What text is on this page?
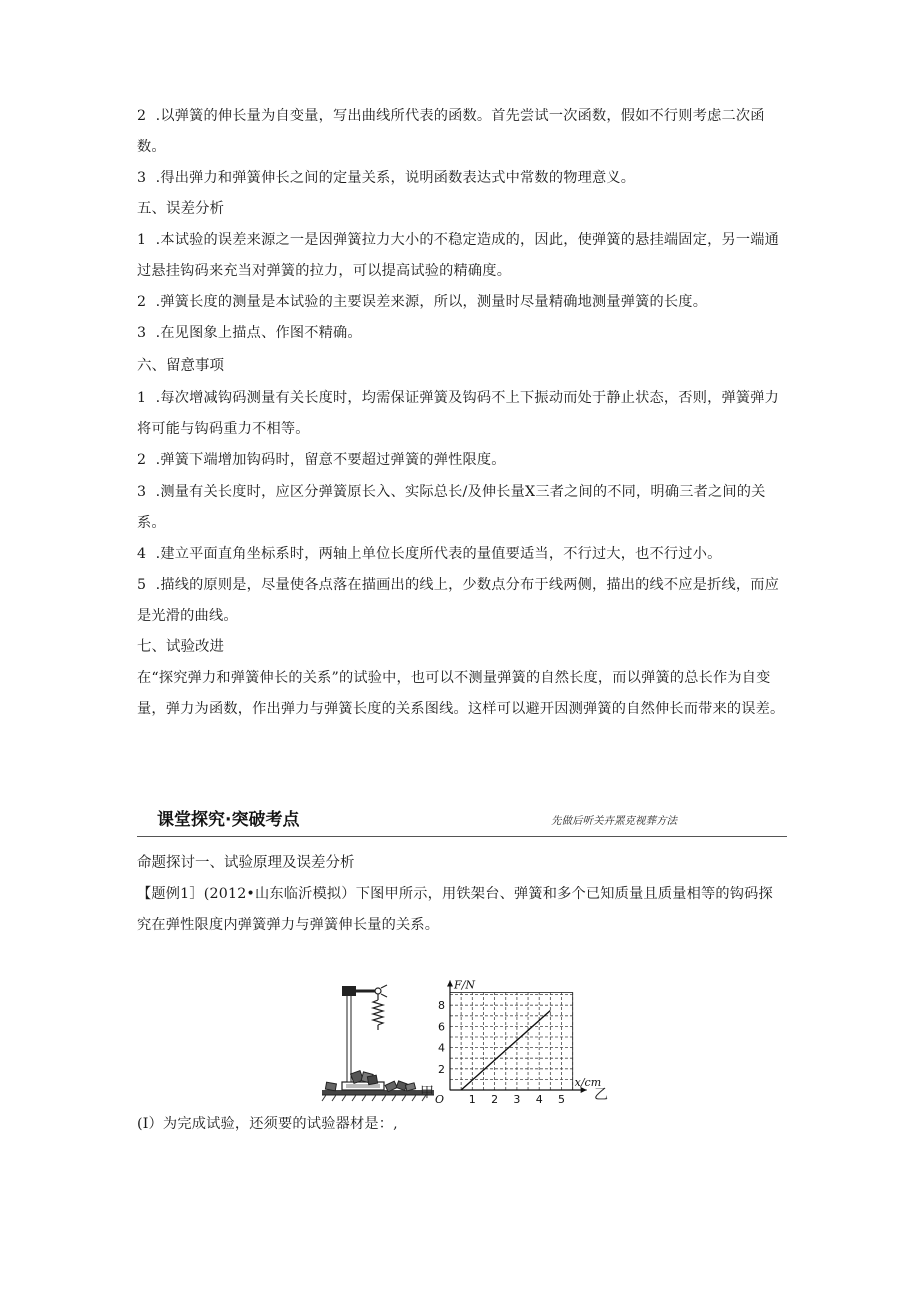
2  .以弹簧的伸长量为自变量，写出曲线所代表的函数。首先尝试一次函数，假如不行则考虑二次函数。
3  .得出弹力和弹簧伸长之间的定量关系，说明函数表达式中常数的物理意义。
五、误差分析
1  .本试验的误差来源之一是因弹簧拉力大小的不稳定造成的，因此，使弹簧的悬挂端固定，另一端通过悬挂钩码来充当对弹簧的拉力，可以提高试验的精确度。
2  .弹簧长度的测量是本试验的主要误差来源，所以，测量时尽量精确地测量弹簧的长度。
3  .在见图象上描点、作图不精确。
六、留意事项
1  .每次增减钩码测量有关长度时，均需保证弹簧及钩码不上下振动而处于静止状态，否则，弹簧弹力将可能与钩码重力不相等。
2  .弹簧下端增加钩码时，留意不要超过弹簧的弹性限度。
3  .测量有关长度时，应区分弹簧原长入、实际总长/及伸长量X三者之间的不同，明确三者之间的关系。
4  .建立平面直角坐标系时，两轴上单位长度所代表的量值要适当，不行过大，也不行过小。
5  .描线的原则是，尽量使各点落在描画出的线上，少数点分布于线两侧，描出的线不应是折线，而应是光滑的曲线。
七、试验改进
在“探究弹力和弹簧伸长的关系”的试验中，也可以不测量弹簧的自然长度，而以弹簧的总长作为自变量，弹力为函数，作出弹力与弹簧长度的关系图线。这样可以避开因测弹簧的自然伸长而带来的误差。
课堂探究·突破考点	先做后听关卉罴克视葬方法
命题探讨一、试验原理及误差分析
【题例1］(2012•山东临沂模拟）下图甲所示，用铁架台、弹簧和多个已知质量且质量相等的钩码探究在弹性限度内弹簧弹力与弹簧伸长量的关系。
甲	1 2 3 4 5
2
4
6
8
O
x/cm
F/N
乙
(I）为完成试验，还须要的试验器材是：,
